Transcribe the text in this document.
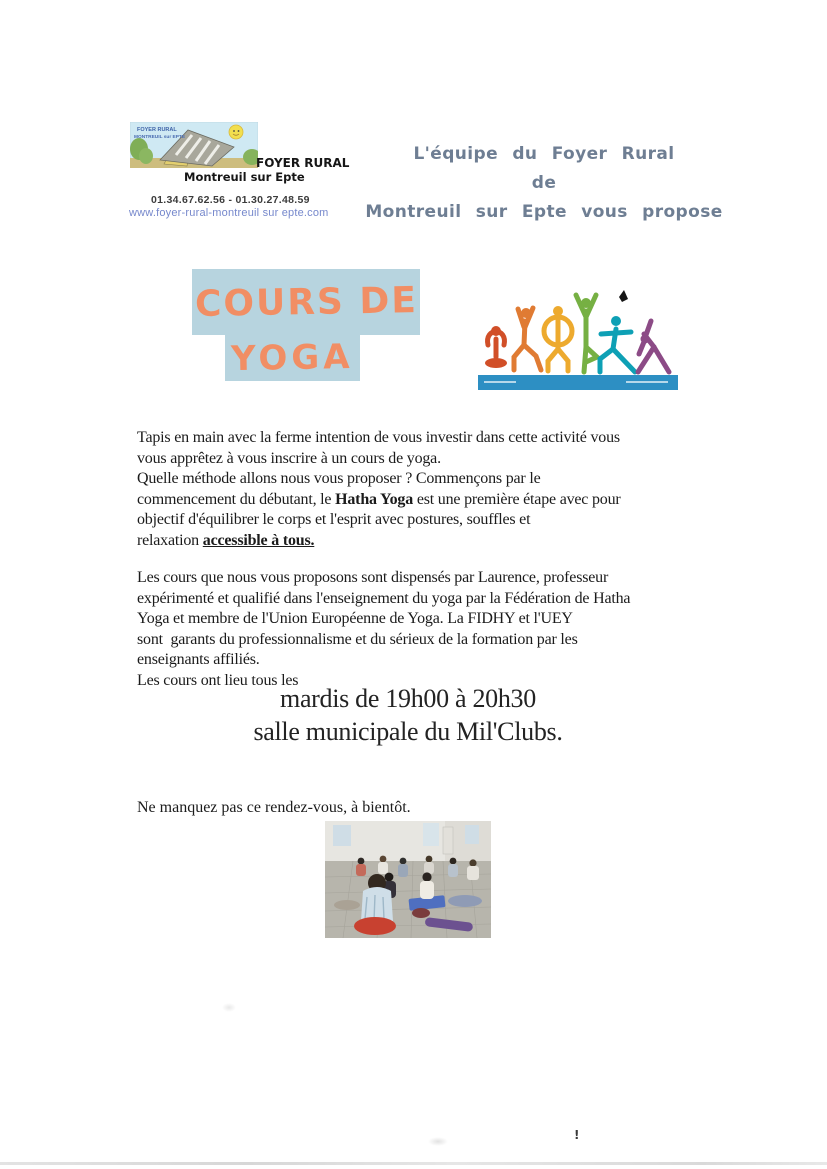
FOYER RURAL
MONTREUIL sur EPTE
FOYER RURAL
Montreuil sur Epte
01.34.67.62.56 - 01.30.27.48.59
www.foyer-rural-montreuil sur epte.com
L'équipe du Foyer Rural
de
Montreuil sur Epte vous propose
COURS DE
YOGA
Tapis en main avec la ferme intention de vous investir dans cette activité vous
vous apprêtez à vous inscrire à un cours de yoga.
Quelle méthode allons nous vous proposer ? Commençons par le
commencement du débutant, le Hatha Yoga est une première étape avec pour
objectif d'équilibrer le corps et l'esprit avec postures, souffles et
relaxation accessible à tous.
Les cours que nous vous proposons sont dispensés par Laurence, professeur
expérimenté et qualifié dans l'enseignement du yoga par la Fédération de Hatha
Yoga et membre de l'Union Européenne de Yoga. La FIDHY et l'UEY
sont  garants du professionnalisme et du sérieux de la formation par les
enseignants affiliés.
Les cours ont lieu tous les
mardis de 19h00 à 20h30
salle municipale du Mil'Clubs.
Ne manquez pas ce rendez-vous, à bientôt.
!
